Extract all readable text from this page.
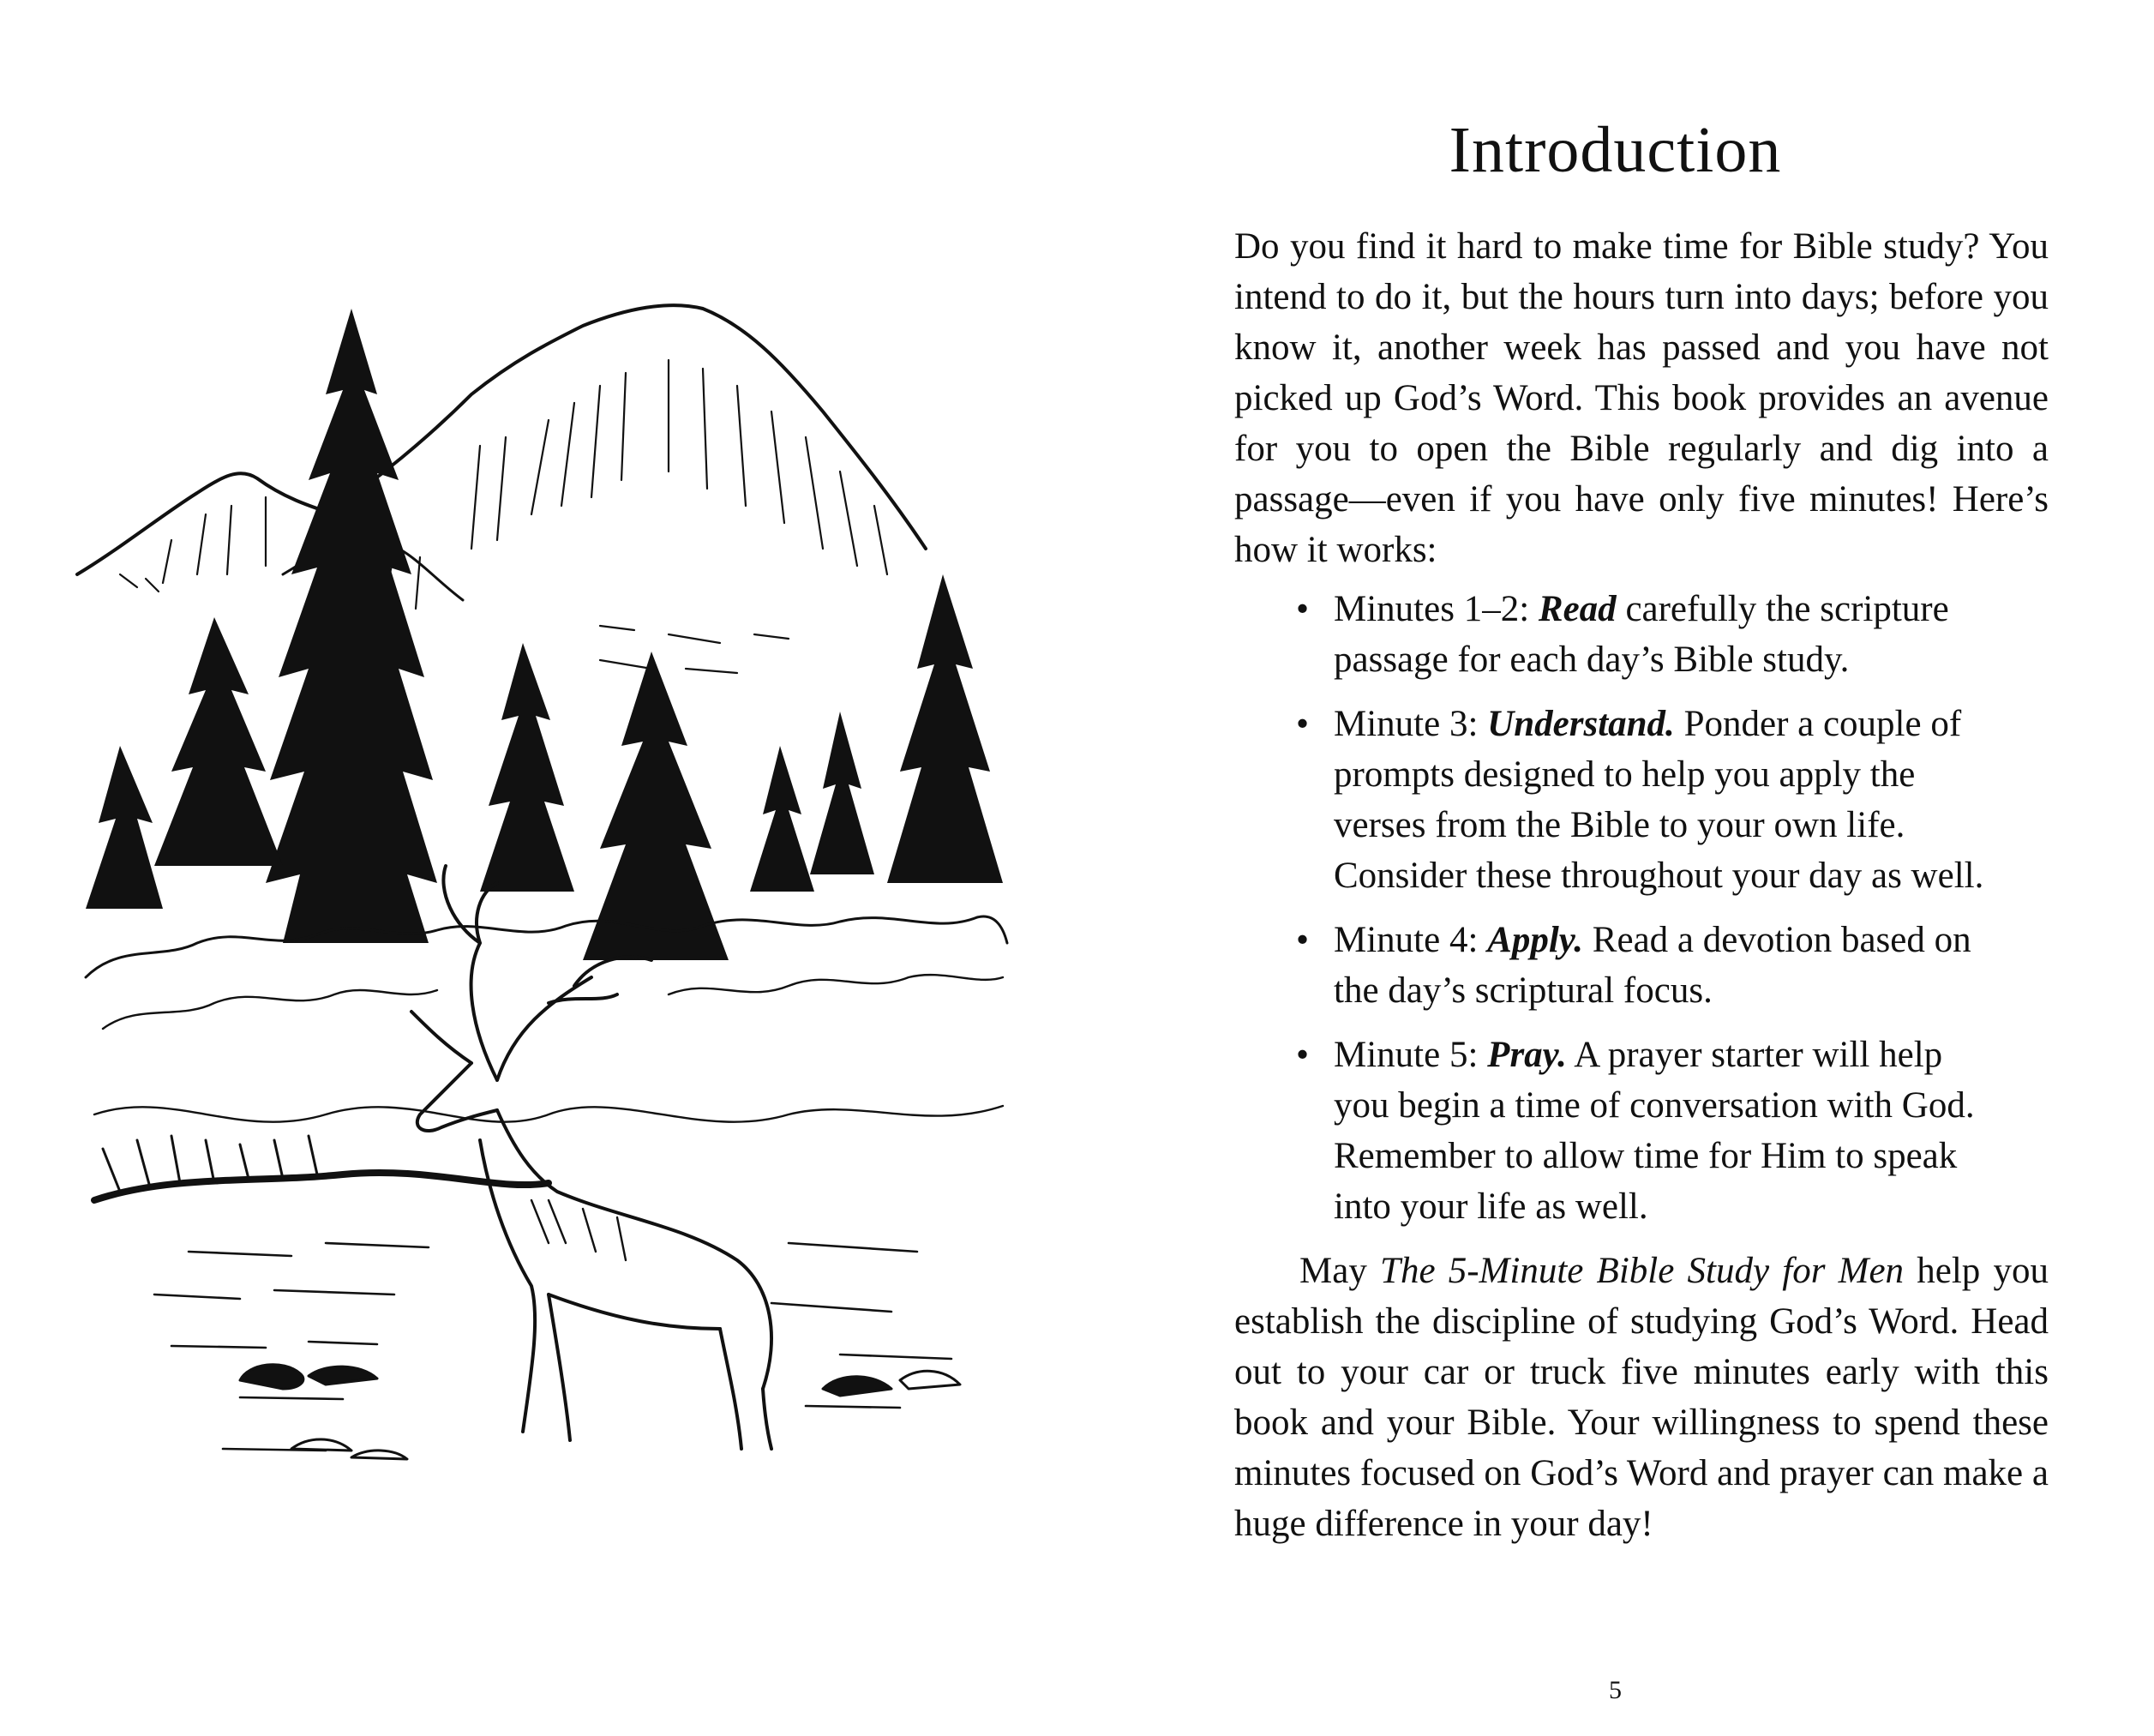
Introduction

Do you find it hard to make time for Bible study? You intend to do it, but the hours turn into days; before you know it, another week has passed and you have not picked up God’s Word. This book provides an avenue for you to open the Bible regularly and dig into a passage—even if you have only five minutes! Here’s how it works:

• Minutes 1–2: Read carefully the scripture passage for each day’s Bible study.
• Minute 3: Understand. Ponder a couple of prompts designed to help you apply the verses from the Bible to your own life. Consider these throughout your day as well.
• Minute 4: Apply. Read a devotion based on the day’s scriptural focus.
• Minute 5: Pray. A prayer starter will help you begin a time of conversation with God. Remember to allow time for Him to speak into your life as well.

May The 5-Minute Bible Study for Men help you establish the discipline of studying God’s Word. Head out to your car or truck five minutes early with this book and your Bible. Your willingness to spend these minutes focused on God’s Word and prayer can make a huge difference in your day!

5
